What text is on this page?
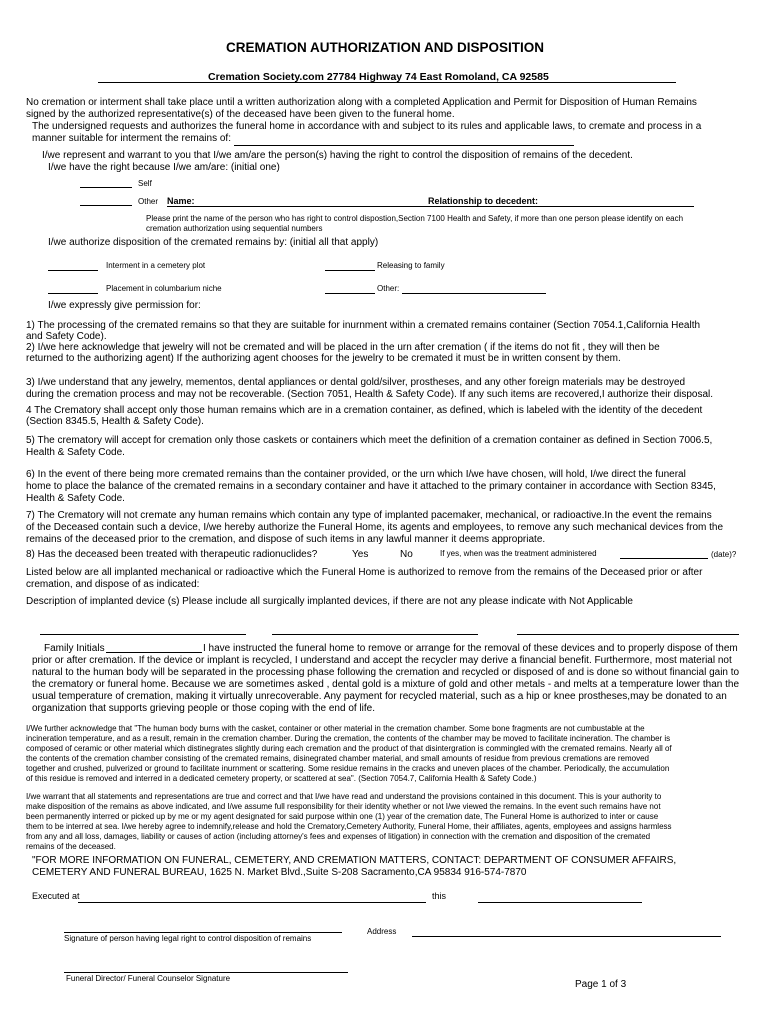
CREMATION AUTHORIZATION AND DISPOSITION
Cremation Society.com 27784 Highway 74 East Romoland, CA 92585
No cremation or interment shall take place until a written authorization along with a completed Application and Permit for Disposition of Human Remains
signed by the authorized representative(s) of the deceased have been given to the funeral home.
The undersigned requests and authorizes the funeral home in accordance with and subject to its rules and applicable laws, to cremate and process in a
manner suitable for interment the remains of:
I/we represent and warrant to you that I/we am/are the person(s) having the right to control the disposition of remains of the decedent.
I/we have the right because I/we am/are: (initial one)
Self
Other Name:	Relationship to decedent:
Please print the name of the person who has right to control dispostion,Section 7100 Health and Safety, if more than one person please identify on each
cremation authorization using sequential numbers
I/we authorize disposition of the cremated remains by: (initial all that apply)
Interment in a cemetery plot	Releasing to family
Placement in columbarium niche	Other:
I/we expressly give permission for:
1) The processing of the cremated remains so that they are suitable for inurnment within a cremated remains container (Section 7054.1,California Health
and Safety Code).
2) I/we here acknowledge that jewelry will not be cremated and will be placed in the urn after cremation ( if the items do not fit , they will then be
returned to the authorizing agent) If the authorizing agent chooses for the jewelry to be cremated it must be in written consent by them.
3) I/we understand that any jewelry, mementos, dental appliances or dental gold/silver, prostheses, and any other foreign materials may be destroyed
during the cremation process and may not be recoverable. (Section 7051, Health & Safety Code). If any such items are recovered,I authorize their disposal.
4 The Crematory shall accept only those human remains which are in a cremation container, as defined, which is labeled with the identity of the decedent
(Section 8345.5, Health & Safety Code).
5) The crematory will accept for cremation only those caskets or containers which meet the definition of a cremation container as defined in Section 7006.5,
Health & Safety Code.
6) In the event of there being more cremated remains than the container provided, or the urn which I/we have chosen, will hold, I/we direct the funeral
home to place the balance of the cremated remains in a secondary container and have it attached to the primary container in accordance with Section 8345,
Health & Safety Code.
7) The Crematory will not cremate any human remains which contain any type of implanted pacemaker, mechanical, or radioactive.In the event the remains
of the Deceased contain such a device, I/we hereby authorize the Funeral Home, its agents and employees, to remove any such mechanical devices from the
remains of the deceased prior to the cremation, and dispose of such items in any lawful manner it deems appropriate.
8) Has the deceased been treated with therapeutic radionuclides?	Yes	No	If yes, when was the treatment administered	(date)?
Listed below are all implanted mechanical or radioactive which the Funeral Home is authorized to remove from the remains of the Deceased prior or after
cremation, and dispose of as indicated:
Description of implanted device (s) Please include all surgically implanted devices, if there are not any please indicate with Not Applicable
Family Initials	I have instructed the funeral home to remove or arrange for the removal of these devices and to properly dispose of them
prior or after cremation. If the device or implant is recycled, I understand and accept the recycler may derive a financial benefit. Furthermore, most material not
natural to the human body will be separated in the processing phase following the cremation and recycled or disposed of and is done so without financial gain to
the crematory or funeral home. Because we are sometimes asked , dental gold is a mixture of gold and other metals - and melts at a temperature lower than the
usual temperature of cremation, making it virtually unrecoverable. Any payment for recycled material, such as a hip or knee prostheses,may be donated to an
organization that supports grieving people or those coping with the end of life.
I/We further acknowledge that "The human body burns with the casket, container or other material in the cremation chamber. Some bone fragments are not cumbustable at the
incineration temperature, and as a result, remain in the cremation chamber. During the cremation, the contents of the chamber may be moved to facilitate incineration. The chamber is
composed of ceramic or other material which distinegrates slightly during each cremation and the product of that disintergration is commingled with the cremated remains. Nearly all of
the contents of the cremation chamber consisting of the cremated remains, disinegrated chamber material, and small amounts of residue from previous cremations are removed
together and crushed, pulverized or ground to facilitate inurnment or scattering. Some residue remains in the cracks and uneven places of the chamber. Periodically, the accumulation
of this residue is removed and interred in a dedicated cemetery property, or scattered at sea". (Section 7054.7, California Health & Safety Code.)
I/we warrant that all statements and representations are true and correct and that I/we have read and understand the provisions contained in this document. This is your authority to
make disposition of the remains as above indicated, and I/we assume full responsibility for their identity whether or not I/we viewed the remains. In the event such remains have not
been permanently interred or picked up by me or my agent designated for said purpose within one (1) year of the cremation date, The Funeral Home is authorized to inter or cause
them to be interred at sea. I/we hereby agree to indemnify,release and hold the Crematory,Cemetery Authority, Funeral Home, their affiliates, agents, employees and assigns harmless
from any and all loss, damages, liability or causes of action (including attorney's fees and expenses of litigation) in connection with the cremation and disposition of the cremated
remains of the deceased.
"FOR MORE INFORMATION ON FUNERAL, CEMETERY, AND CREMATION MATTERS, CONTACT: DEPARTMENT OF CONSUMER AFFAIRS,
CEMETERY AND FUNERAL BUREAU, 1625 N. Market Blvd.,Suite S-208 Sacramento,CA 95834 916-574-7870
Executed at	this
Signature of person having legal right to control disposition of remains
Address
Funeral Director/ Funeral Counselor Signature
Page 1 of 3
